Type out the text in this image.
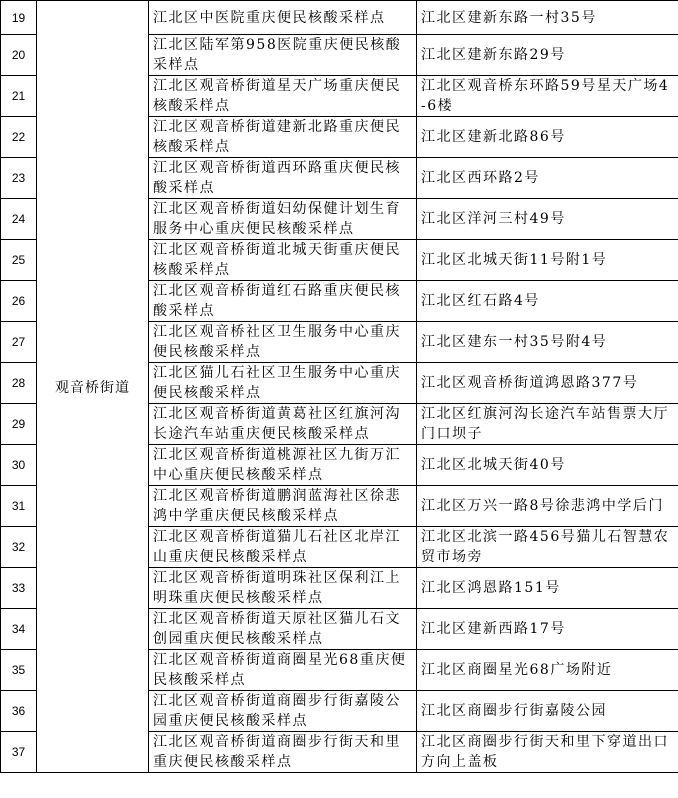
19	观音桥街道	江北区中医院重庆便民核酸采样点	江北区建新东路一村35号
20		江北区陆军第958医院重庆便民核酸采样点	江北区建新东路29号
21		江北区观音桥街道星天广场重庆便民核酸采样点	江北区观音桥东环路59号星天广场4-6楼
22		江北区观音桥街道建新北路重庆便民核酸采样点	江北区建新北路86号
23		江北区观音桥街道西环路重庆便民核酸采样点	江北区西环路2号
24		江北区观音桥街道妇幼保健计划生育服务中心重庆便民核酸采样点	江北区洋河三村49号
25		江北区观音桥街道北城天街重庆便民核酸采样点	江北区北城天街11号附1号
26		江北区观音桥街道红石路重庆便民核酸采样点	江北区红石路4号
27		江北区观音桥社区卫生服务中心重庆便民核酸采样点	江北区建东一村35号附4号
28		江北区猫儿石社区卫生服务中心重庆便民核酸采样点	江北区观音桥街道鸿恩路377号
29		江北区观音桥街道黄葛社区红旗河沟长途汽车站重庆便民核酸采样点	江北区红旗河沟长途汽车站售票大厅门口坝子
30		江北区观音桥街道桃源社区九街万汇中心重庆便民核酸采样点	江北区北城天街40号
31		江北区观音桥街道鹏润蓝海社区徐悲鸿中学重庆便民核酸采样点	江北区万兴一路8号徐悲鸿中学后门
32		江北区观音桥街道猫儿石社区北岸江山重庆便民核酸采样点	江北区北滨一路456号猫儿石智慧农贸市场旁
33		江北区观音桥街道明珠社区保利江上明珠重庆便民核酸采样点	江北区鸿恩路151号
34		江北区观音桥街道天原社区猫儿石文创园重庆便民核酸采样点	江北区建新西路17号
35		江北区观音桥街道商圈星光68重庆便民核酸采样点	江北区商圈星光68广场附近
36		江北区观音桥街道商圈步行街嘉陵公园重庆便民核酸采样点	江北区商圈步行街嘉陵公园
37		江北区观音桥街道商圈步行街天和里重庆便民核酸采样点	江北区商圈步行街天和里下穿道出口方向上盖板
